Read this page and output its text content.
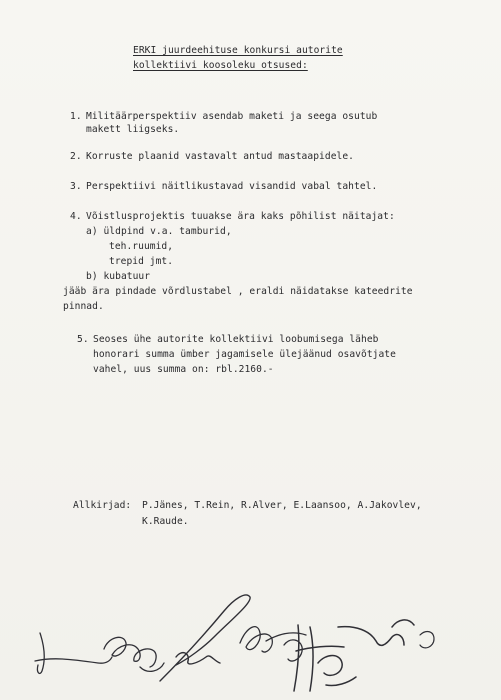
ERKI juurdeehituse konkursi autorite
kollektiivi koosoleku otsused:
1. Militäärperspektiiv asendab maketi ja seega osutub
makett liigseks.
2. Korruste plaanid vastavalt antud mastaapidele.
3. Perspektiivi näitlikustavad visandid vabal tahtel.
4. Võistlusprojektis tuuakse ära kaks põhilist näitajat:
a) üldpind v.a. tamburid,
teh.ruumid,
trepid jmt.
b) kubatuur
jääb ära pindade võrdlustabel , eraldi näidatakse kateedrite
pinnad.
5. Seoses ühe autorite kollektiivi loobumisega läheb
honorari summa ümber jagamisele ülejäänud osavõtjate
vahel, uus summa on: rbl.2160.-
Allkirjad: P.Jänes, T.Rein, R.Alver, E.Laansoo, A.Jakovlev,
K.Raude.
